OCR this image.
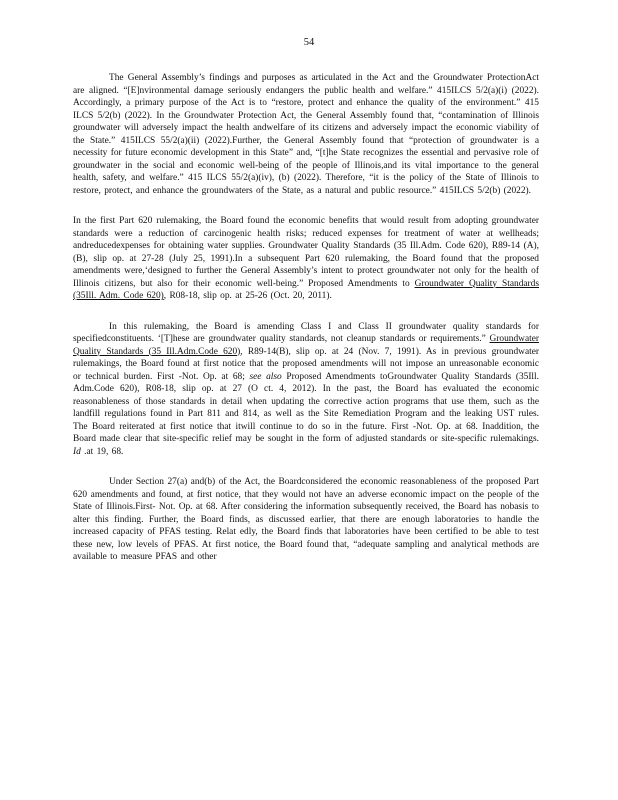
54

The General Assembly’s findings and purposes as articulated in the Act and the Groundwater ProtectionAct are aligned. “[E]nvironmental damage seriously endangers the public health and welfare.” 415ILCS 5/2(a)(i) (2022). Accordingly, a primary purpose of the Act is to “restore, protect and enhance the quality of the environment.” 415 ILCS 5/2(b) (2022). In the Groundwater Protection Act, the General Assembly found that, “contamination of Illinois groundwater will adversely impact the health andwelfare of its citizens and adversely impact the economic viability of the State.” 415ILCS 55/2(a)(ii) (2022).Further, the General Assembly found that “protection of groundwater is a necessity for future economic development in this State” and, “[t]he State recognizes the essential and pervasive role of groundwater in the social and economic well-being of the people of Illinois,and its vital importance to the general health, safety, and welfare.” 415 ILCS 55/2(a)(iv), (b) (2022). Therefore, “it is the policy of the State of Illinois to restore, protect, and enhance the groundwaters of the State, as a natural and public resource.” 415ILCS 5/2(b) (2022).

In the first Part 620 rulemaking, the Board found the economic benefits that would result from adopting groundwater standards were a reduction of carcinogenic health risks; reduced expenses for treatment of water at wellheads; andreducedexpenses for obtaining water supplies. Groundwater Quality Standards (35 Ill.Adm. Code 620), R89-14 (A), (B), slip op. at 27-28 (July 25, 1991).In a subsequent Part 620 rulemaking, the Board found that the proposed amendments were,‘designed to further the General Assembly’s intent to protect groundwater not only for the health of Illinois citizens, but also for their economic well-being.” Proposed Amendments to Groundwater Quality Standards (35Ill. Adm. Code 620), R08-18, slip op. at 25-26 (Oct. 20, 2011).

In this rulemaking, the Board is amending Class I and Class II groundwater quality standards for specifiedconstituents. ‘[T]hese are groundwater quality standards, not cleanup standards or requirements.” Groundwater Quality Standards (35 Ill.Adm.Code 620), R89-14(B), slip op. at 24 (Nov. 7, 1991). As in previous groundwater rulemakings, the Board found at first notice that the proposed amendments will not impose an unreasonable economic or technical burden. First -Not. Op. at 68; see also Proposed Amendments toGroundwater Quality Standards (35Ill. Adm.Code 620), R08-18, slip op. at 27 (O ct. 4, 2012). In the past, the Board has evaluated the economic reasonableness of those standards in detail when updating the corrective action programs that use them, such as the landfill regulations found in Part 811 and 814, as well as the Site Remediation Program and the leaking UST rules. The Board reiterated at first notice that itwill continue to do so in the future. First -Not. Op. at 68. Inaddition, the Board made clear that site-specific relief may be sought in the form of adjusted standards or site-specific rulemakings. Id .at 19, 68.

Under Section 27(a) and(b) of the Act, the Boardconsidered the economic reasonableness of the proposed Part 620 amendments and found, at first notice, that they would not have an adverse economic impact on the people of the State of Illinois.First- Not. Op. at 68. After considering the information subsequently received, the Board has nobasis to alter this finding. Further, the Board finds, as discussed earlier, that there are enough laboratories to handle the increased capacity of PFAS testing. Relat edly, the Board finds that laboratories have been certified to be able to test these new, low levels of PFAS. At first notice, the Board found that, “adequate sampling and analytical methods are available to measure PFAS and other
